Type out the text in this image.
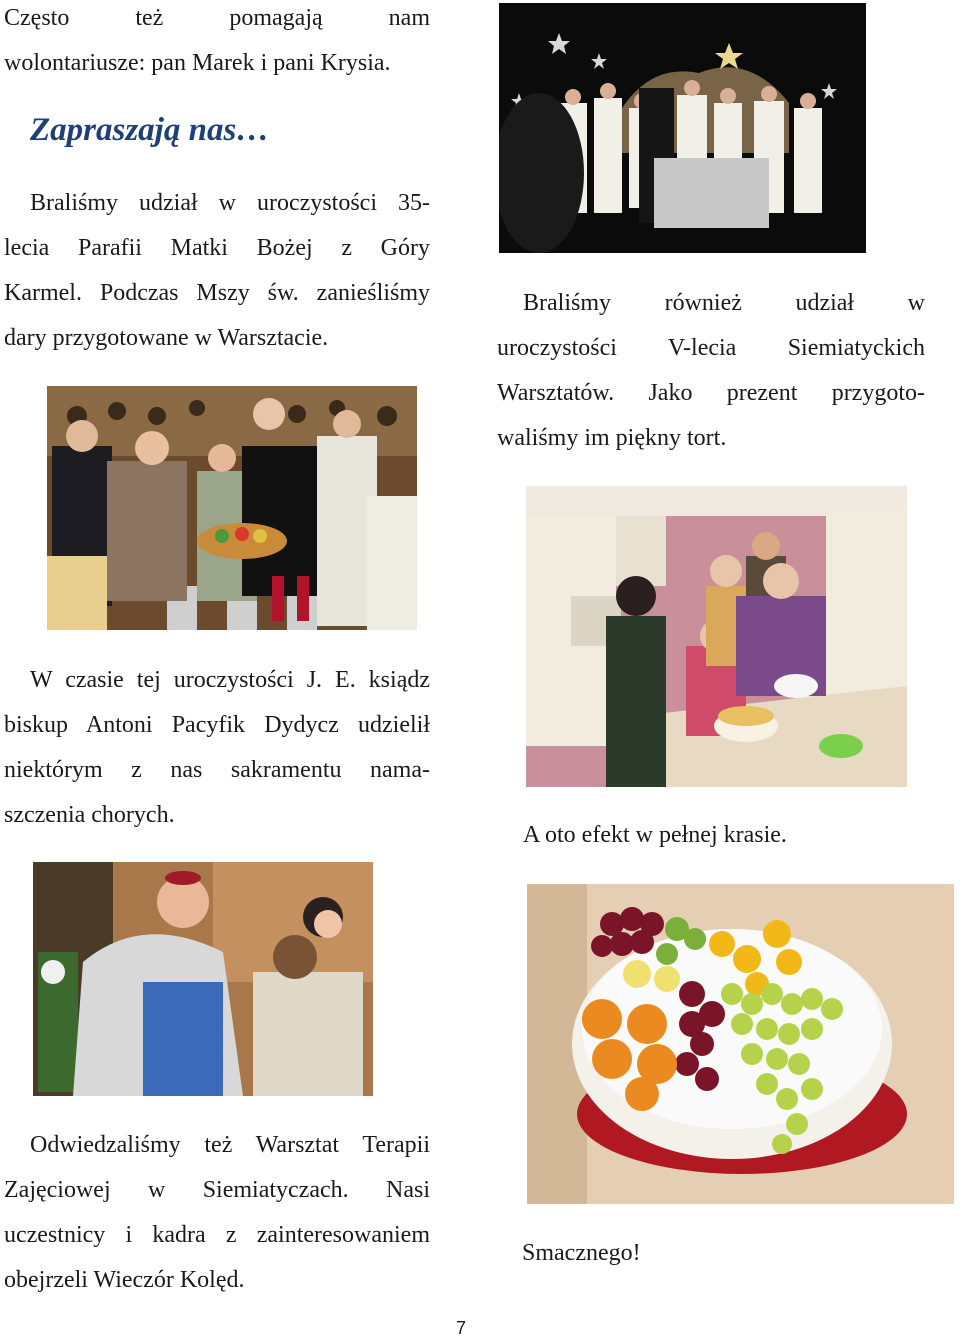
Często też pomagają nam
wolontariusze: pan Marek i pani Krysia.
Zapraszają nas…
Braliśmy udział w uroczystości 35-
lecia Parafii Matki Bożej z Góry
Karmel. Podczas Mszy św. zanieśliśmy
dary przygotowane w Warsztacie.
W czasie tej uroczystości J. E. ksiądz
biskup Antoni Pacyfik Dydycz udzielił
niektórym z nas sakramentu nama-
szczenia chorych.
Odwiedzaliśmy też Warsztat Terapii
Zajęciowej w Siemiatyczach. Nasi
uczestnicy i kadra z zainteresowaniem
obejrzeli Wieczór Kolęd.
Braliśmy również udział w
uroczystości V-lecia Siemiatyckich
Warsztatów. Jako prezent przygoto-
waliśmy im piękny tort.
A oto efekt w pełnej krasie.
Smacznego!
7
